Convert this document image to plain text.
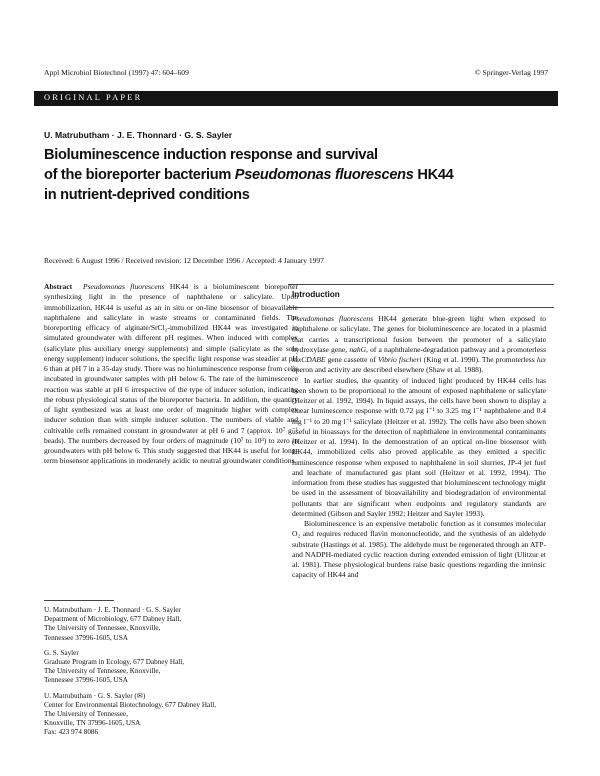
Appl Microbiol Biotechnol (1997) 47: 604–609	© Springer-Verlag 1997
ORIGINAL PAPER
U. Matrubutham · J. E. Thonnard · G. S. Sayler
Bioluminescence induction response and survival
of the bioreporter bacterium Pseudomonas fluorescens HK44
in nutrient-deprived conditions
Received: 6 August 1996 / Received revision: 12 December 1996 / Accepted: 4 January 1997

Abstract Pseudomonas fluorescens HK44 is a bioluminescent bioreporter synthesizing light in the presence of naphthalene or salicylate. Upon immobilization, HK44 is useful as an in situ or on-line biosensor of bioavailable naphthalene and salicylate in waste streams or contaminated fields. The bioreporting efficacy of alginate/SrCl₂-immobilized HK44 was investigated in simulated groundwater with different pH regimes. When induced with complex (salicylate plus auxiliary energy supplements) and simple (salicylate as the sole energy supplement) inducer solutions, the specific light response was steadier at pH 6 than at pH 7 in a 35-day study. There was no bioluminescence response from cells incubated in groundwater samples with pH below 6. The rate of the luminescence reaction was stable at pH 6 irrespective of the type of inducer solution, indicating the robust physiological status of the bioreporter bacteria. In addition, the quantity of light synthesized was at least one order of magnitude higher with complex inducer solution than with simple inducer solution. The numbers of viable and cultivable cells remained constant in groundwater at pH 6 and 7 (approx. 10⁷ g⁻¹ beads). The numbers decreased by four orders of magnitude (10⁷ to 10³) to zero in groundwaters with pH below 6. This study suggested that HK44 is useful for long-term biosensor applications in moderately acidic to neutral groundwater conditions.

U. Matrubutham · J. E. Thonnard · G. S. Sayler
Department of Microbiology, 677 Dabney Hall,
The University of Tennessee, Knoxville,
Tennessee 37996-1605, USA
G. S. Sayler
Graduate Program in Ecology, 677 Dabney Hall,
The University of Tennessee, Knoxville,
Tennessee 37996-1605, USA
U. Matrubutham · G. S. Sayler (✉)
Center for Environmental Biotechnology, 677 Dabney Hall,
The University of Tennessee,
Knoxville, TN 37996-1605, USA
Fax: 423 974 8086
Introduction

Pseudomonas fluorescens HK44 generate blue-green light when exposed to naphthalene or salicylate. The genes for bioluminescence are located in a plasmid that carries a transcriptional fusion between the promoter of a salicylate hydroxylase gene, nahG, of a naphthalene-degradation pathway and a promoterless luxCDABE gene cassette of Vibrio fischeri (King et al. 1990). The promoterless lux operon and activity are described elsewhere (Shaw et al. 1988).

In earlier studies, the quantity of induced light produced by HK44 cells has been shown to be proportional to the amount of exposed naphthalene or salicylate (Heitzer et al. 1992, 1994). In liquid assays, the cells have been shown to display a linear luminescence response with 0.72 µg l⁻¹ to 3.25 mg l⁻¹ naphthalene and 0.4 mg l⁻¹ to 20 mg l⁻¹ salicylate (Heitzer et al. 1992). The cells have also been shown useful in bioassays for the detection of naphthalene in environmental contaminants (Heitzer et al. 1994). In the demonstration of an optical on-line biosensor with HK44, immobilized cells also proved applicable as they emitted a specific luminescence response when exposed to naphthalene in soil slurries, JP-4 jet fuel and leachate of manufactured gas plant soil (Heitzer et al. 1992, 1994). The information from these studies has suggested that bioluminescent technology might be used in the assessment of bioavailability and biodegradation of environmental pollutants that are significant when endpoints and regulatory standards are determined (Gibson and Sayler 1992; Heitzer and Sayler 1993).

Bioluminescence is an expensive metabolic function as it consumes molecular O₂ and requires reduced flavin mononucleotide, and the synthesis of an aldehyde substrate (Hastings et al. 1985). The aldehyde must be regenerated through an ATP- and NADPH-mediated cyclic reaction during extended emission of light (Ulitzur et al. 1981). These physiological burdens raise basic questions regarding the intrinsic capacity of HK44 and
